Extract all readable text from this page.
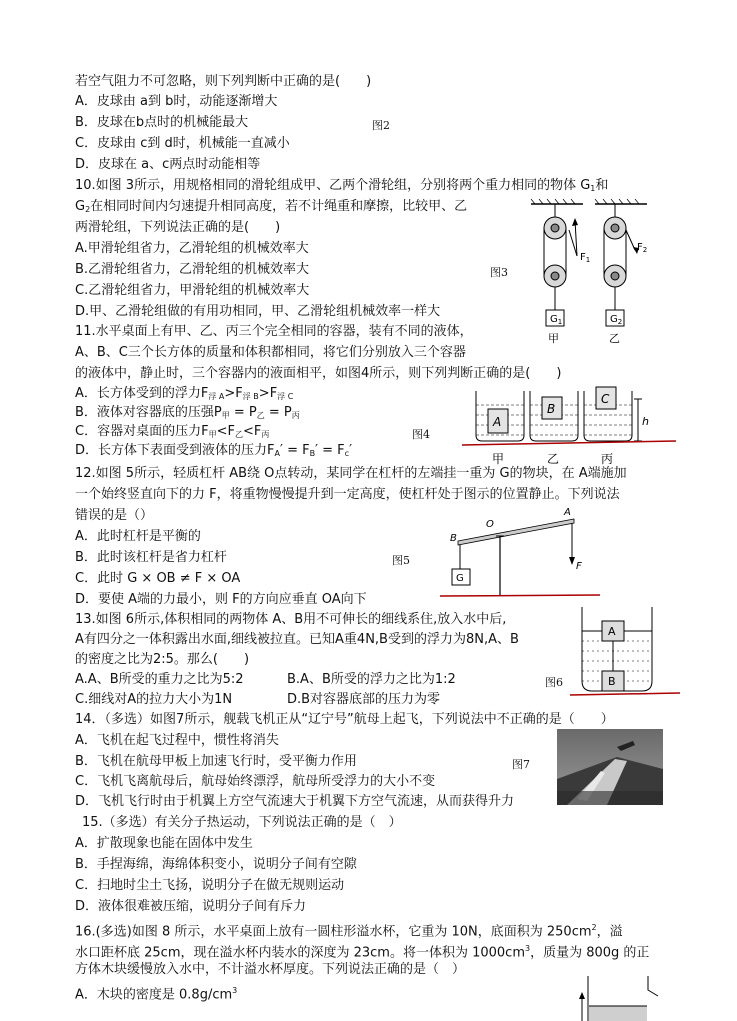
若空气阻力不可忽略，则下列判断中正确的是(　　)
A．皮球由 a到 b时，动能逐渐增大
B．皮球在b点时的机械能最大	图2
C．皮球由 c到 d时，机械能一直减小
D．皮球在 a、c两点时动能相等
10.如图 3所示，用规格相同的滑轮组成甲、乙两个滑轮组，分别将两个重力相同的物体 $G_1$和
$G_2$在相同时间内匀速提升相同高度，若不计绳重和摩擦，比较甲、乙
两滑轮组，下列说法正确的是(　　)
A.甲滑轮组省力，乙滑轮组的机械效率大
B.乙滑轮组省力，乙滑轮组的机械效率大	图3
C.乙滑轮组省力，甲滑轮组的机械效率大
D.甲、乙滑轮组做的有用功相同，甲、乙滑轮组机械效率一样大
$G_1$
$F_1$
甲
$G_2$
$F_2$
乙
11.水平桌面上有甲、乙、丙三个完全相同的容器，装有不同的液体，
A、B、C三个长方体的质量和体积都相同，将它们分别放入三个容器
的液体中，静止时，三个容器内的液面相平，如图4所示，则下列判断正确的是(　　)
A．长方体受到的浮力$F_{浮 A}>F_{浮 B}>F_{浮 C}$
B．液体对容器底的压强$P_甲 = P_乙 = P_丙$
C．容器对桌面的压力$F_甲<F_乙<F_丙$	图4
D．长方体下表面受到液体的压力$F_A' = F_B' = F_c'$
A
B
C
h
甲	乙	丙
12.如图 5所示，轻质杠杆 AB绕 O点转动，某同学在杠杆的左端挂一重为 G的物块，在 A端施加
一个始终竖直向下的力 F，将重物慢慢提升到一定高度，使杠杆处于图示的位置静止。下列说法
错误的是（）
A．此时杠杆是平衡的
B．此时该杠杆是省力杠杆	图5
C．此时 G × OB ≠ F × OA
D．要使 A端的力最小，则 F的方向应垂直 OA向下
G
B
O
A
F
13.如图 6所示,体积相同的两物体 A、B用不可伸长的细线系住,放入水中后,
A有四分之一体积露出水面,细线被拉直。已知A重4N,B受到的浮力为8N,A、B
的密度之比为2:5。那么(　　)
A.A、B所受的重力之比为5:2	B.A、B所受的浮力之比为1:2	图6
C.细线对A的拉力大小为1N	D.B对容器底部的压力为零
A
B
14．（多选）如图7所示，舰载飞机正从“辽宁号”航母上起飞，下列说法中不正确的是（　　）
A．飞机在起飞过程中，惯性将消失
B．飞机在航母甲板上加速飞行时，受平衡力作用	图7
C．飞机飞离航母后，航母始终漂浮，航母所受浮力的大小不变
D．飞机飞行时由于机翼上方空气流速大于机翼下方空气流速，从而获得升力
15.（多选）有关分子热运动，下列说法正确的是（　）
A．扩散现象也能在固体中发生
B．手捏海绵，海绵体积变小，说明分子间有空隙
C．扫地时尘土飞扬，说明分子在做无规则运动
D．液体很难被压缩，说明分子间有斥力
16.(多选)如图 8 所示，水平桌面上放有一圆柱形溢水杯，它重为 10N，底面积为 $250cm^2$，溢
水口距杯底 25cm，现在溢水杯内装水的深度为 23cm。将一体积为 $1000cm^3$，质量为 800g 的正
方体木块缓慢放入水中，不计溢水杯厚度。下列说法正确的是（　）
A．木块的密度是 $0.8g/cm^3$
